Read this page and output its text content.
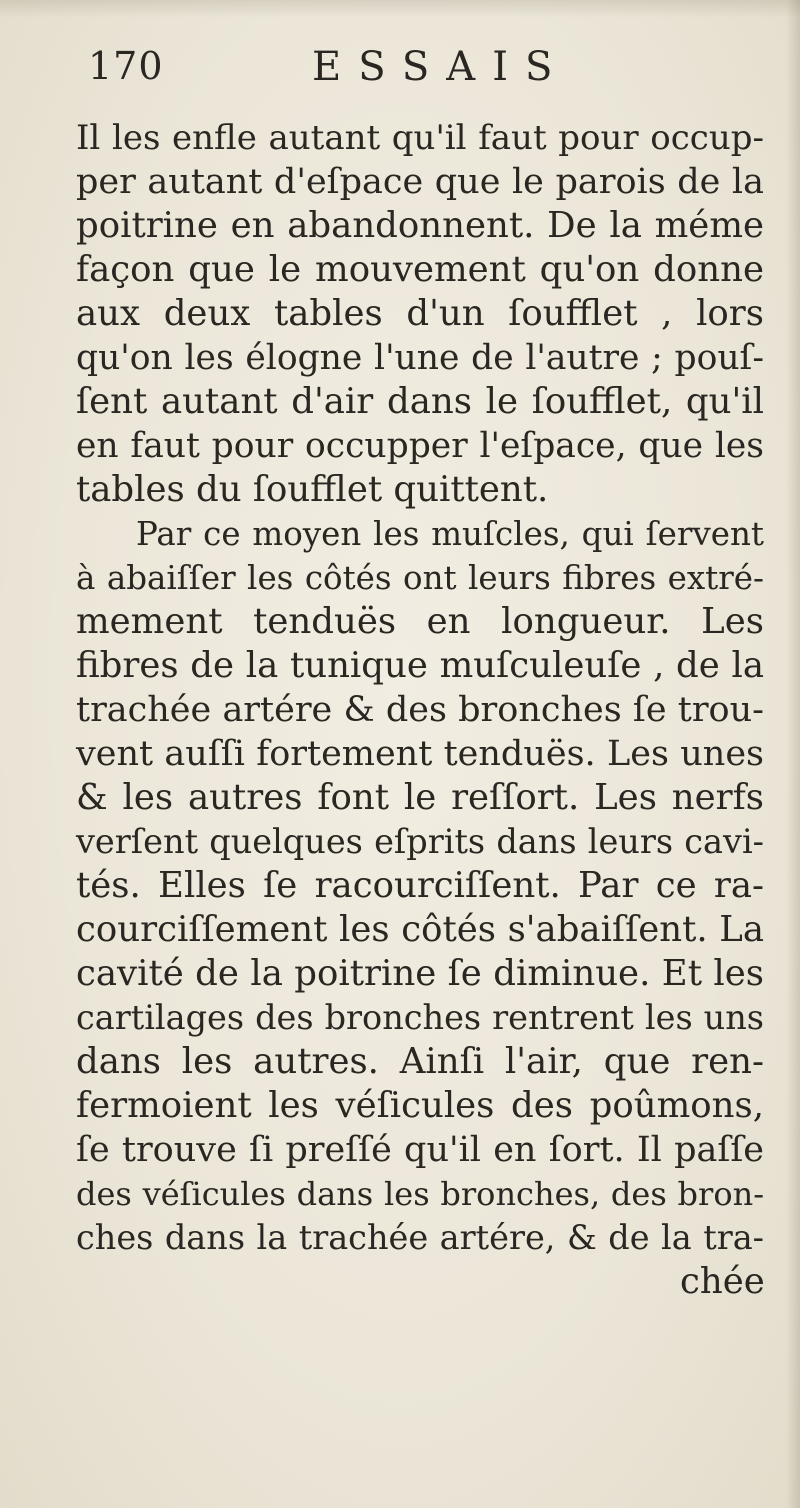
170	ESSAIS
Il les enfle autant qu'il faut pour occup-
per autant d'eſpace que le parois de la
poitrine en abandonnent. De la méme
façon que le mouvement qu'on donne
aux deux tables d'un ſoufflet , lors
qu'on les élogne l'une de l'autre ; pouſ-
ſent autant d'air dans le ſoufflet, qu'il
en faut pour occupper l'eſpace, que les
tables du ſoufflet quittent.
Par ce moyen les muſcles, qui ſervent
à abaiſſer les côtés ont leurs fibres extré-
mement tenduës en longueur. Les
fibres de la tunique muſculeuſe , de la
trachée artére & des bronches ſe trou-
vent auſſi fortement tenduës. Les unes
& les autres font le reſſort. Les nerfs
verſent quelques eſprits dans leurs cavi-
tés. Elles ſe racourciſſent. Par ce ra-
courciſſement les côtés s'abaiſſent. La
cavité de la poitrine ſe diminue. Et les
cartilages des bronches rentrent les uns
dans les autres. Ainſi l'air, que ren-
fermoient les véſicules des poûmons,
ſe trouve ſi preſſé qu'il en ſort. Il paſſe
des véſicules dans les bronches, des bron-
ches dans la trachée artére, & de la tra-
chée
